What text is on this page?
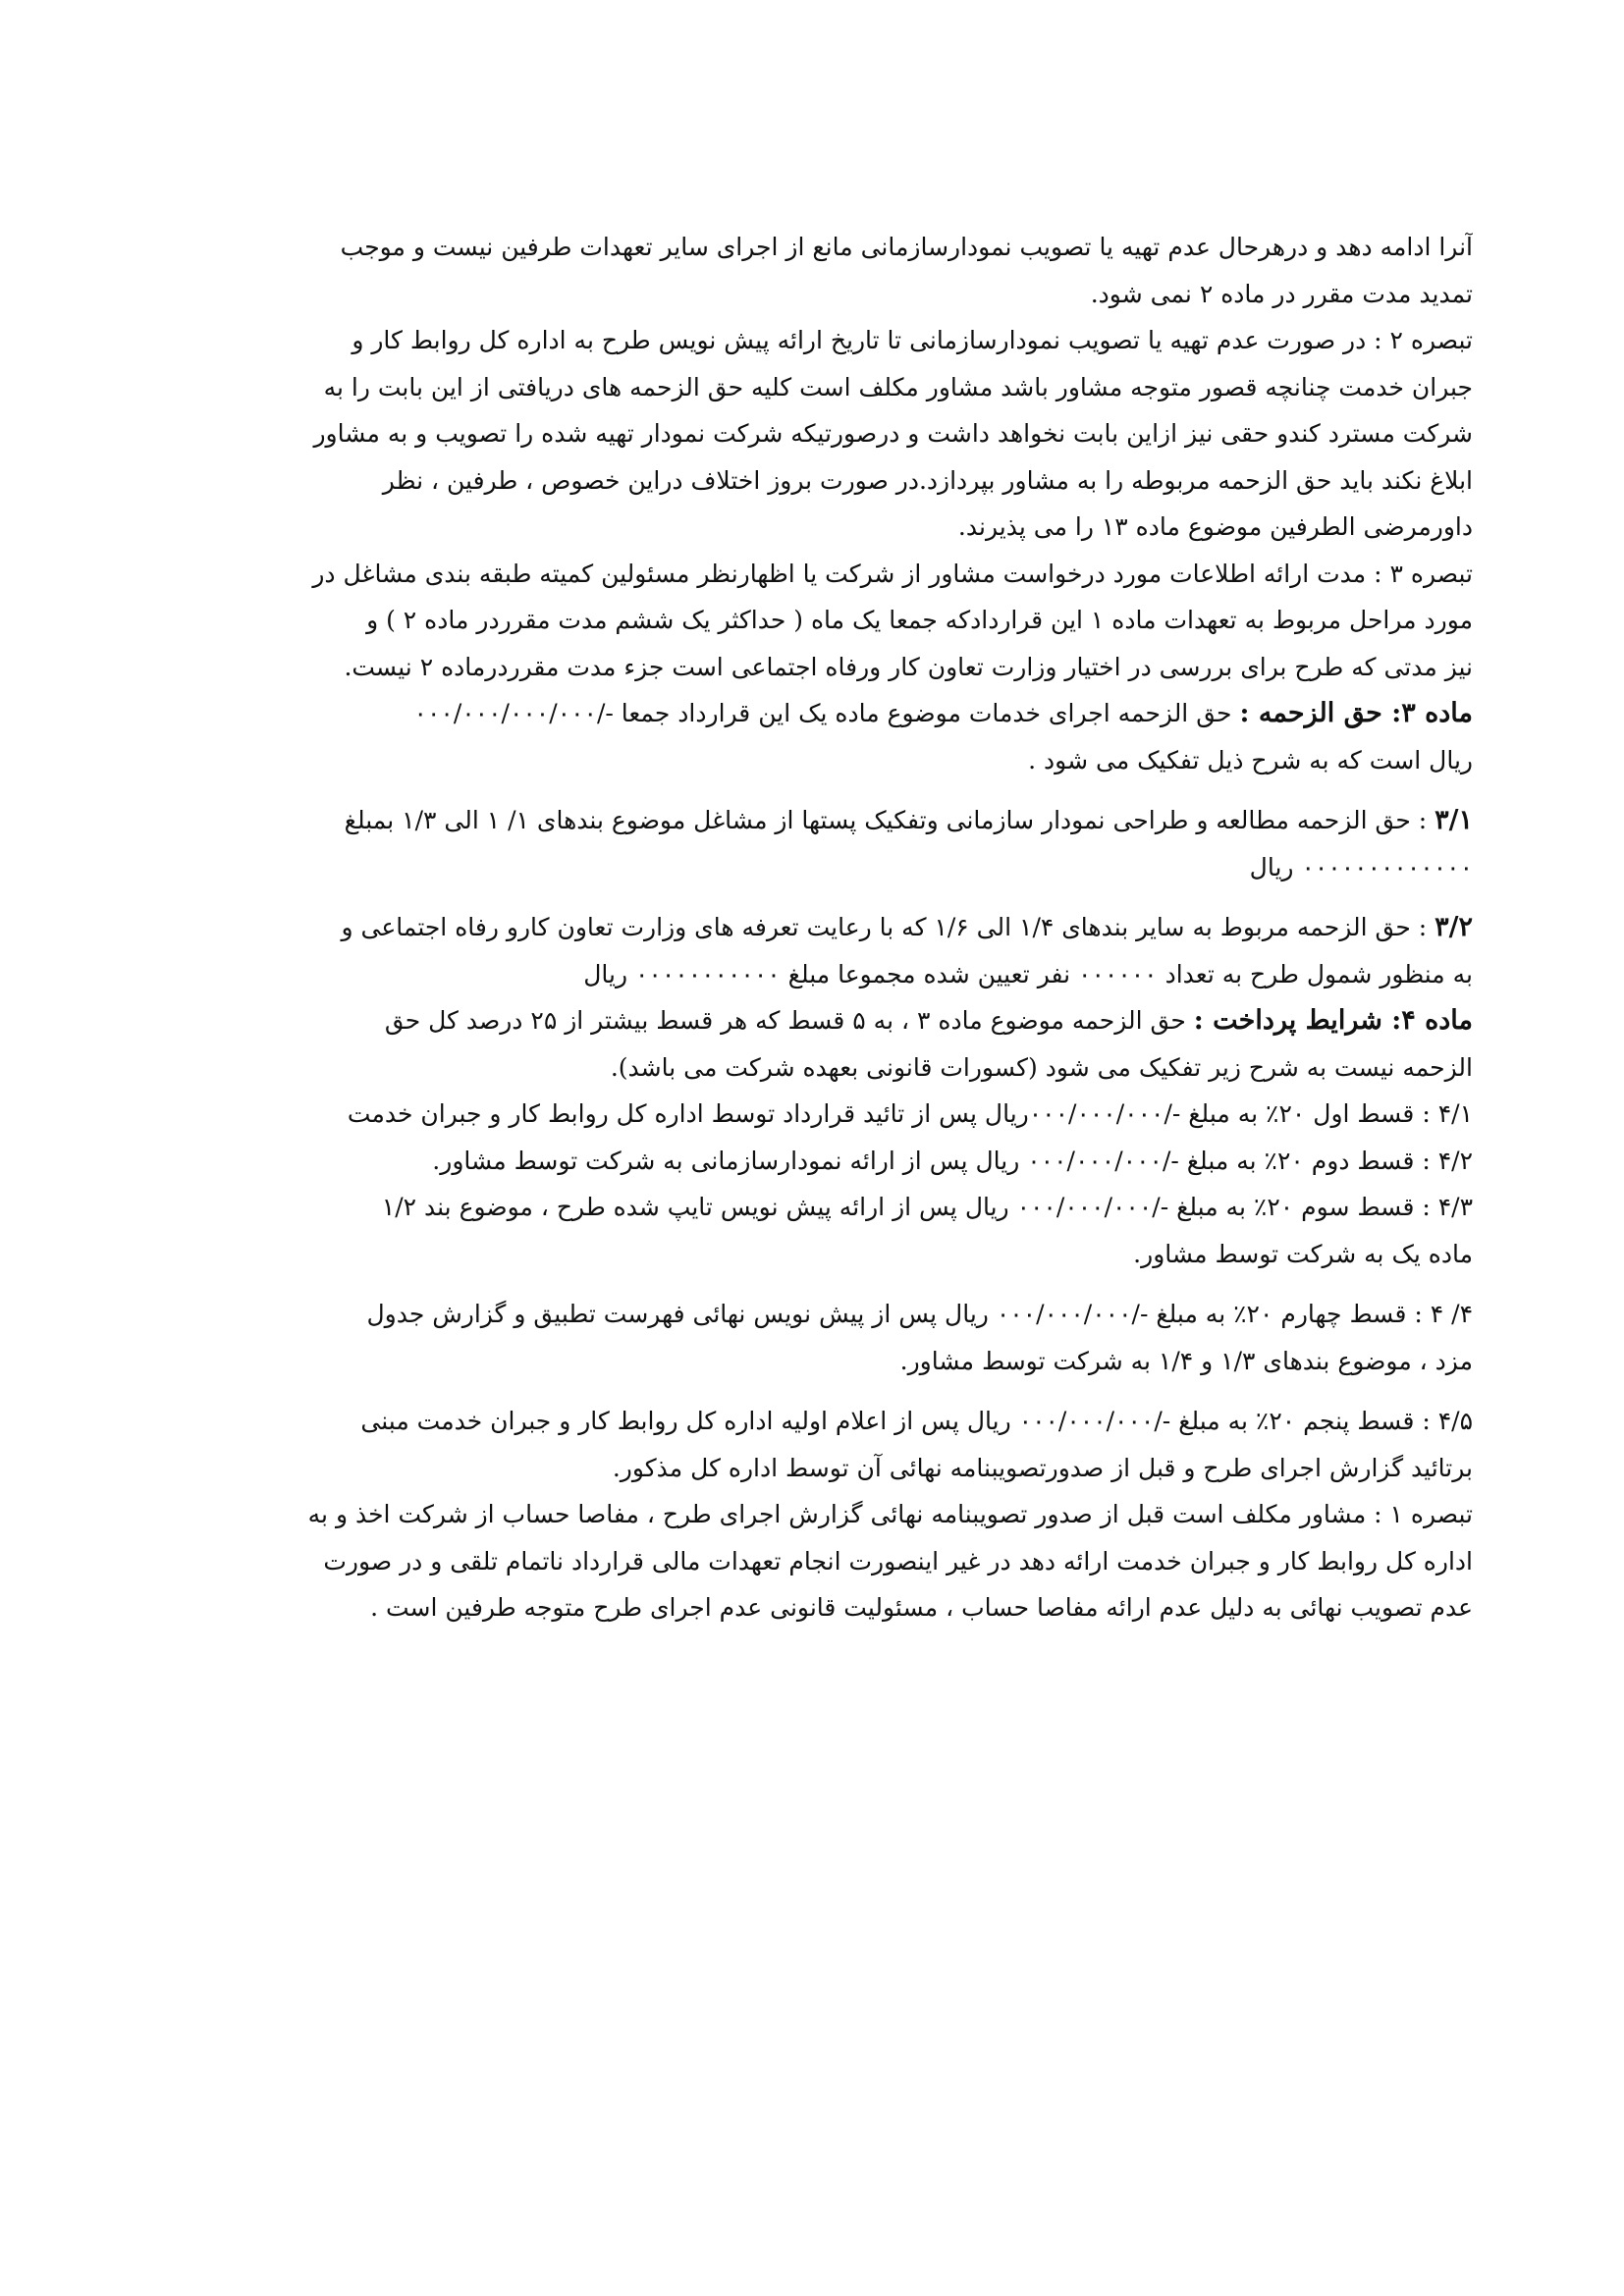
آنرا ادامه دهد و درهرحال عدم تهیه یا تصویب نمودارسازمانی مانع از اجرای سایر تعهدات طرفین نیست و موجب
تمدید مدت مقرر در ماده ۲ نمی شود.

تبصره ۲ : در صورت عدم تهیه یا تصویب نمودارسازمانی تا تاریخ ارائه پیش نویس طرح به اداره کل روابط کار و
جبران خدمت چنانچه قصور متوجه مشاور باشد مشاور مکلف است کلیه حق الزحمه های دریافتی از این بابت را به
شرکت مسترد کندو حقی نیز ازاین بابت نخواهد داشت و درصورتیکه شرکت نمودار تهیه شده را تصویب و به مشاور
ابلاغ نکند باید حق الزحمه مربوطه را به مشاور بپردازد.در صورت بروز اختلاف دراین خصوص ، طرفین ، نظر
داورمرضی الطرفین موضوع ماده ۱۳ را می پذیرند.

تبصره ۳ : مدت ارائه اطلاعات مورد درخواست مشاور از شرکت یا اظهارنظر مسئولین کمیته طبقه بندی مشاغل در
مورد مراحل مربوط به تعهدات ماده ۱ این قراردادکه جمعا یک ماه ( حداکثر یک ششم مدت مقرردر ماده ۲ ) و
نیز مدتی که طرح برای بررسی در اختیار وزارت تعاون کار ورفاه اجتماعی است جزء مدت مقرردرماده ۲ نیست.

ماده ۳: حق الزحمه : حق الزحمه اجرای خدمات موضوع ماده یک این قرارداد جمعا -/۰۰۰/۰۰۰/۰۰۰/۰۰۰
ریال است که به شرح ذیل تفکیک می شود .

۳/۱ : حق الزحمه مطالعه و طراحی نمودار سازمانی وتفکیک پستها از مشاغل موضوع بندهای ۱/ ۱ الی ۱/۳ بمبلغ
۰۰۰۰۰۰۰۰۰۰۰۰۰ ریال

۳/۲ : حق الزحمه مربوط به سایر بندهای ۱/۴ الی ۱/۶ که با رعایت تعرفه های وزارت تعاون کارو رفاه اجتماعی و
به منظور شمول طرح به تعداد ۰۰۰۰۰۰ نفر تعیین شده مجموعا مبلغ ۰۰۰۰۰۰۰۰۰۰۰ ریال

ماده ۴: شرایط پرداخت : حق الزحمه موضوع ماده ۳ ، به ۵ قسط که هر قسط بیشتر از ۲۵ درصد کل حق
الزحمه نیست به شرح زیر تفکیک می شود (کسورات قانونی بعهده شرکت می باشد).

۴/۱ : قسط اول ۲۰٪ به مبلغ -/۰۰۰/۰۰۰/۰۰۰ریال پس از تائید قرارداد توسط اداره کل روابط کار و جبران خدمت

۴/۲ : قسط دوم ۲۰٪ به مبلغ -/۰۰۰/۰۰۰/۰۰۰ ریال پس از ارائه نمودارسازمانی به شرکت توسط مشاور.

۴/۳ : قسط سوم ۲۰٪ به مبلغ -/۰۰۰/۰۰۰/۰۰۰ ریال پس از ارائه پیش نویس تایپ شده طرح ، موضوع بند ۱/۲
ماده یک به شرکت توسط مشاور.

۴/ ۴ : قسط چهارم ۲۰٪ به مبلغ -/۰۰۰/۰۰۰/۰۰۰ ریال پس از پیش نویس نهائی فهرست تطبیق و گزارش جدول
مزد ، موضوع بندهای ۱/۳ و ۱/۴ به شرکت توسط مشاور.

۴/۵ : قسط پنجم ۲۰٪ به مبلغ -/۰۰۰/۰۰۰/۰۰۰ ریال پس از اعلام اولیه اداره کل روابط کار و جبران خدمت مبنی
برتائید گزارش اجرای طرح و قبل از صدورتصویبنامه نهائی آن توسط اداره کل مذکور.

تبصره ۱ : مشاور مکلف است قبل از صدور تصویبنامه نهائی گزارش اجرای طرح ، مفاصا حساب از شرکت اخذ و به
اداره کل روابط کار و جبران خدمت ارائه دهد در غیر اینصورت انجام تعهدات مالی قرارداد ناتمام تلقی و در صورت
عدم تصویب نهائی به دلیل عدم ارائه مفاصا حساب ، مسئولیت قانونی عدم اجرای طرح متوجه طرفین است .
